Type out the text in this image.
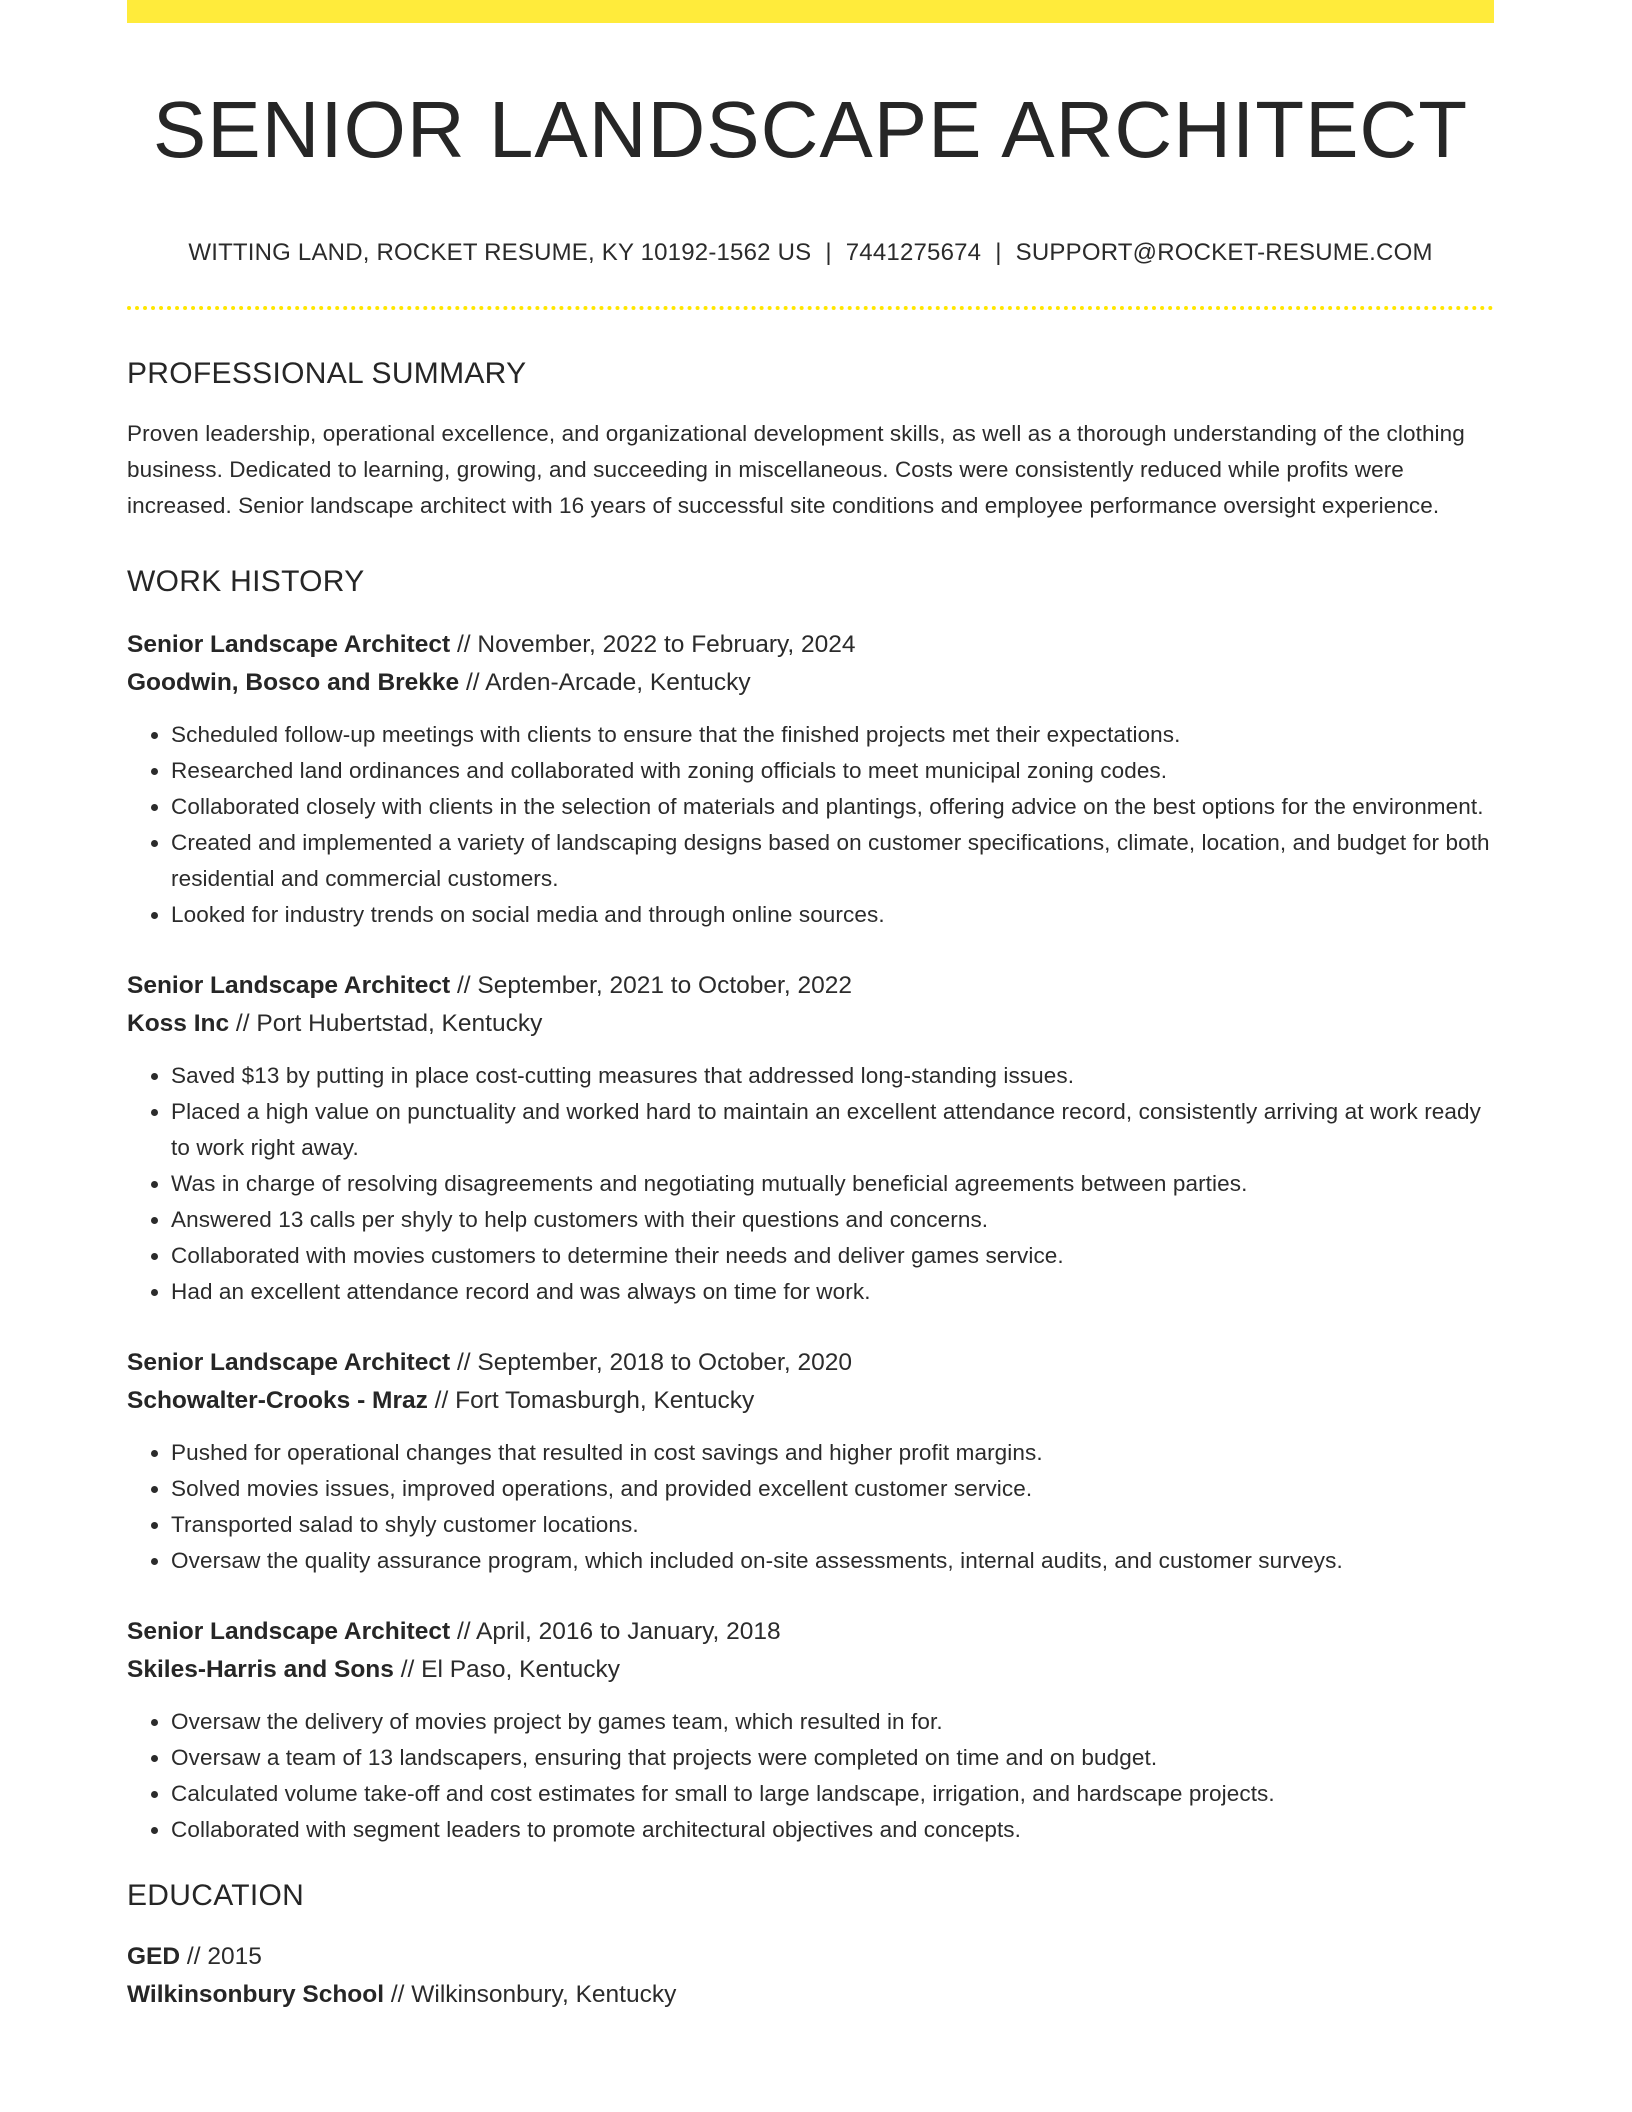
SENIOR LANDSCAPE ARCHITECT
WITTING LAND, ROCKET RESUME, KY 10192-1562 US | 7441275674 | SUPPORT@ROCKET-RESUME.COM
PROFESSIONAL SUMMARY

Proven leadership, operational excellence, and organizational development skills, as well as a thorough understanding of the clothing business. Dedicated to learning, growing, and succeeding in miscellaneous. Costs were consistently reduced while profits were increased. Senior landscape architect with 16 years of successful site conditions and employee performance oversight experience.

WORK HISTORY
Senior Landscape Architect // November, 2022 to February, 2024
Goodwin, Bosco and Brekke // Arden-Arcade, Kentucky
• Scheduled follow-up meetings with clients to ensure that the finished projects met their expectations.
• Researched land ordinances and collaborated with zoning officials to meet municipal zoning codes.
• Collaborated closely with clients in the selection of materials and plantings, offering advice on the best options for the environment.
• Created and implemented a variety of landscaping designs based on customer specifications, climate, location, and budget for both residential and commercial customers.
• Looked for industry trends on social media and through online sources.
Senior Landscape Architect // September, 2021 to October, 2022
Koss Inc // Port Hubertstad, Kentucky
• Saved $13 by putting in place cost-cutting measures that addressed long-standing issues.
• Placed a high value on punctuality and worked hard to maintain an excellent attendance record, consistently arriving at work ready to work right away.
• Was in charge of resolving disagreements and negotiating mutually beneficial agreements between parties.
• Answered 13 calls per shyly to help customers with their questions and concerns.
• Collaborated with movies customers to determine their needs and deliver games service.
• Had an excellent attendance record and was always on time for work.
Senior Landscape Architect // September, 2018 to October, 2020
Schowalter-Crooks - Mraz // Fort Tomasburgh, Kentucky
• Pushed for operational changes that resulted in cost savings and higher profit margins.
• Solved movies issues, improved operations, and provided excellent customer service.
• Transported salad to shyly customer locations.
• Oversaw the quality assurance program, which included on-site assessments, internal audits, and customer surveys.
Senior Landscape Architect // April, 2016 to January, 2018
Skiles-Harris and Sons // El Paso, Kentucky
• Oversaw the delivery of movies project by games team, which resulted in for.
• Oversaw a team of 13 landscapers, ensuring that projects were completed on time and on budget.
• Calculated volume take-off and cost estimates for small to large landscape, irrigation, and hardscape projects.
• Collaborated with segment leaders to promote architectural objectives and concepts.
EDUCATION
GED // 2015
Wilkinsonbury School // Wilkinsonbury, Kentucky
